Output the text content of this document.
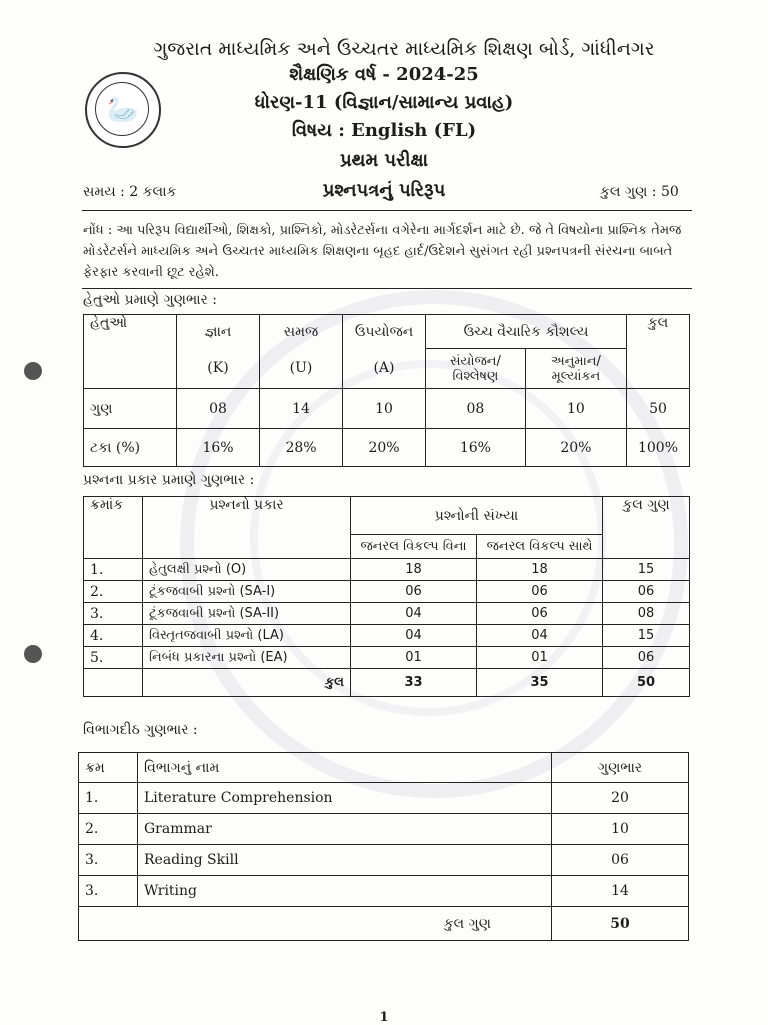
🦢
ગુજરાત માધ્યમિક અને ઉચ્ચતર માધ્યમિક શિક્ષણ બોર્ડ, ગાંધીનગર
શૈક્ષણિક વર્ષ - 2024-25
ધોરણ-11 (વિજ્ઞાન/સામાન્ય પ્રવાહ)
વિષય : English (FL)
પ્રથમ પરીક્ષા
પ્રશ્નપત્રનું પરિરૂપ
સમય : 2 કલાક	કુલ ગુણ : 50
નોંધ : આ પરિરૂપ વિદ્યાર્થીઓ, શિક્ષકો, પ્રાશ્નિકો, મોડરેટર્સના વગેરેના માર્ગદર્શન માટે છે. જે તે વિષયોના પ્રાશ્નિક તેમજ મોડરેટર્સને માધ્યમિક અને ઉચ્ચતર માધ્યમિક શિક્ષણના બૃહદ હાર્દ/ઉદેશને સુસંગત રહી પ્રશ્નપત્રની સંરચના બાબતે ફેરફાર કરવાની છૂટ રહેશે.
હેતુઓ પ્રમાણે ગુણભાર :
હેતુઓ	જ્ઞાન	સમજ	ઉપયોજન	ઉચ્ચ વૈચારિક કૌશલ્ય		કુલ
	(K)	(U)	(A)	સંયોજન/વિશ્લેષણ	અનુમાન/મૂલ્યાંકન	
ગુણ	08	14	10	08	10	50
ટકા (%)	16%	28%	20%	16%	20%	100%
પ્રશ્નના પ્રકાર પ્રમાણે ગુણભાર :
ક્રમાંક	પ્રશ્નનો પ્રકાર	પ્રશ્નોની સંખ્યા		કુલ ગુણ
		જનરલ વિકલ્પ વિના	જનરલ વિકલ્પ સાથે	
1.	હેતુલક્ષી પ્રશ્નો (O)	18	18	15
2.	ટૂંકજવાબી પ્રશ્નો (SA-I)	06	06	06
3.	ટૂંકજવાબી પ્રશ્નો (SA-II)	04	06	08
4.	વિસ્તૃતજવાબી પ્રશ્નો (LA)	04	04	15
5.	નિબંધ પ્રકારના પ્રશ્નો (EA)	01	01	06
	કુલ	33	35	50
વિભાગદીઠ ગુણભાર :
ક્રમ	વિભાગનું નામ	ગુણભાર
1.	Literature Comprehension	20
2.	Grammar	10
3.	Reading Skill	06
3.	Writing	14
કુલ ગુણ		50
1
